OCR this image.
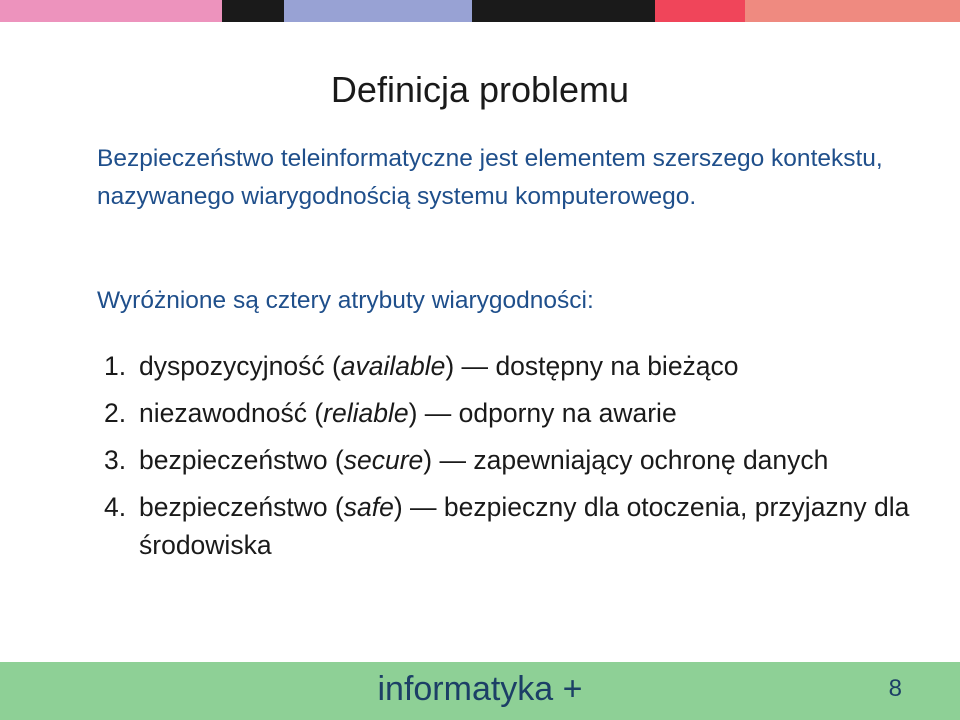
Definicja problemu
Bezpieczeństwo teleinformatyczne jest elementem szerszego kontekstu, nazywanego wiarygodnością systemu komputerowego.
Wyróżnione są cztery atrybuty wiarygodności:
1. dyspozycyjność (available) — dostępny na bieżąco
2. niezawodność (reliable) — odporny na awarie
3. bezpieczeństwo (secure) — zapewniający ochronę danych
4. bezpieczeństwo (safe) — bezpieczny dla otoczenia, przyjazny dla środowiska
informatyka +	8
